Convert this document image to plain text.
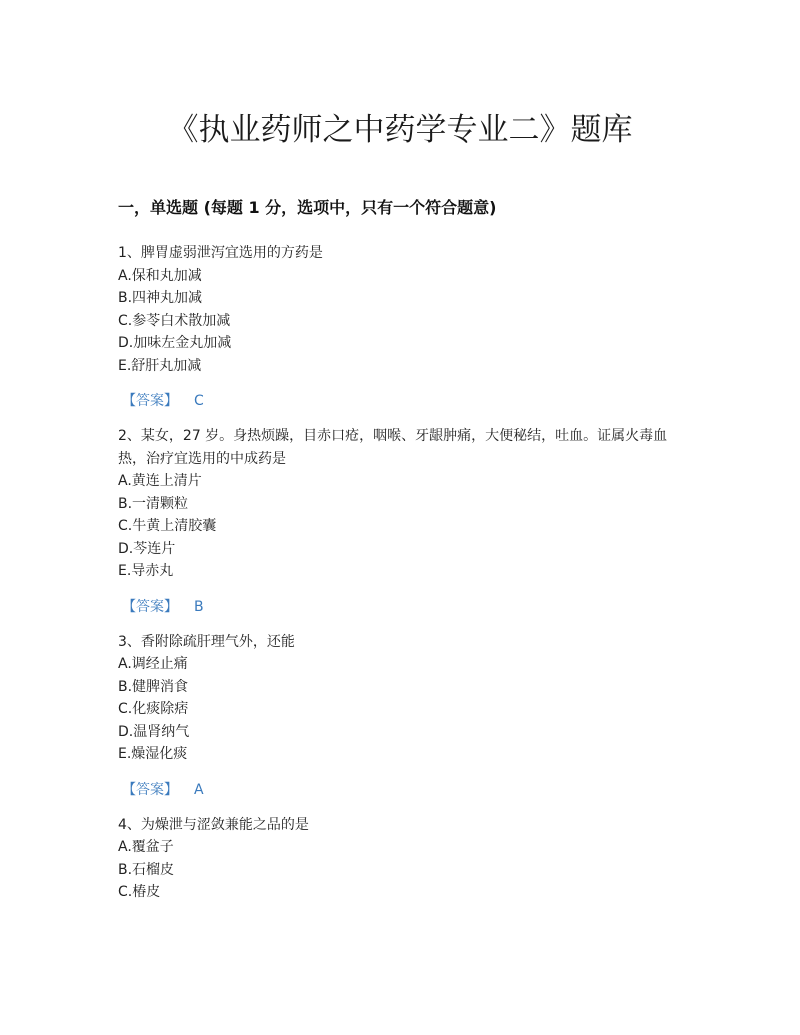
《执业药师之中药学专业二》题库
一，单选题 (每题 1 分，选项中，只有一个符合题意)
1、脾胃虚弱泄泻宜选用的方药是
A.保和丸加减
B.四神丸加减
C.参苓白术散加减
D.加味左金丸加减
E.舒肝丸加减
【答案】 C
2、某女，27 岁。身热烦躁，目赤口疮，咽喉、牙龈肿痛，大便秘结，吐血。证属火毒血热，治疗宜选用的中成药是
A.黄连上清片
B.一清颗粒
C.牛黄上清胶囊
D.芩连片
E.导赤丸
【答案】 B
3、香附除疏肝理气外，还能
A.调经止痛
B.健脾消食
C.化痰除痞
D.温肾纳气
E.燥湿化痰
【答案】 A
4、为燥泄与涩敛兼能之品的是
A.覆盆子
B.石榴皮
C.椿皮
